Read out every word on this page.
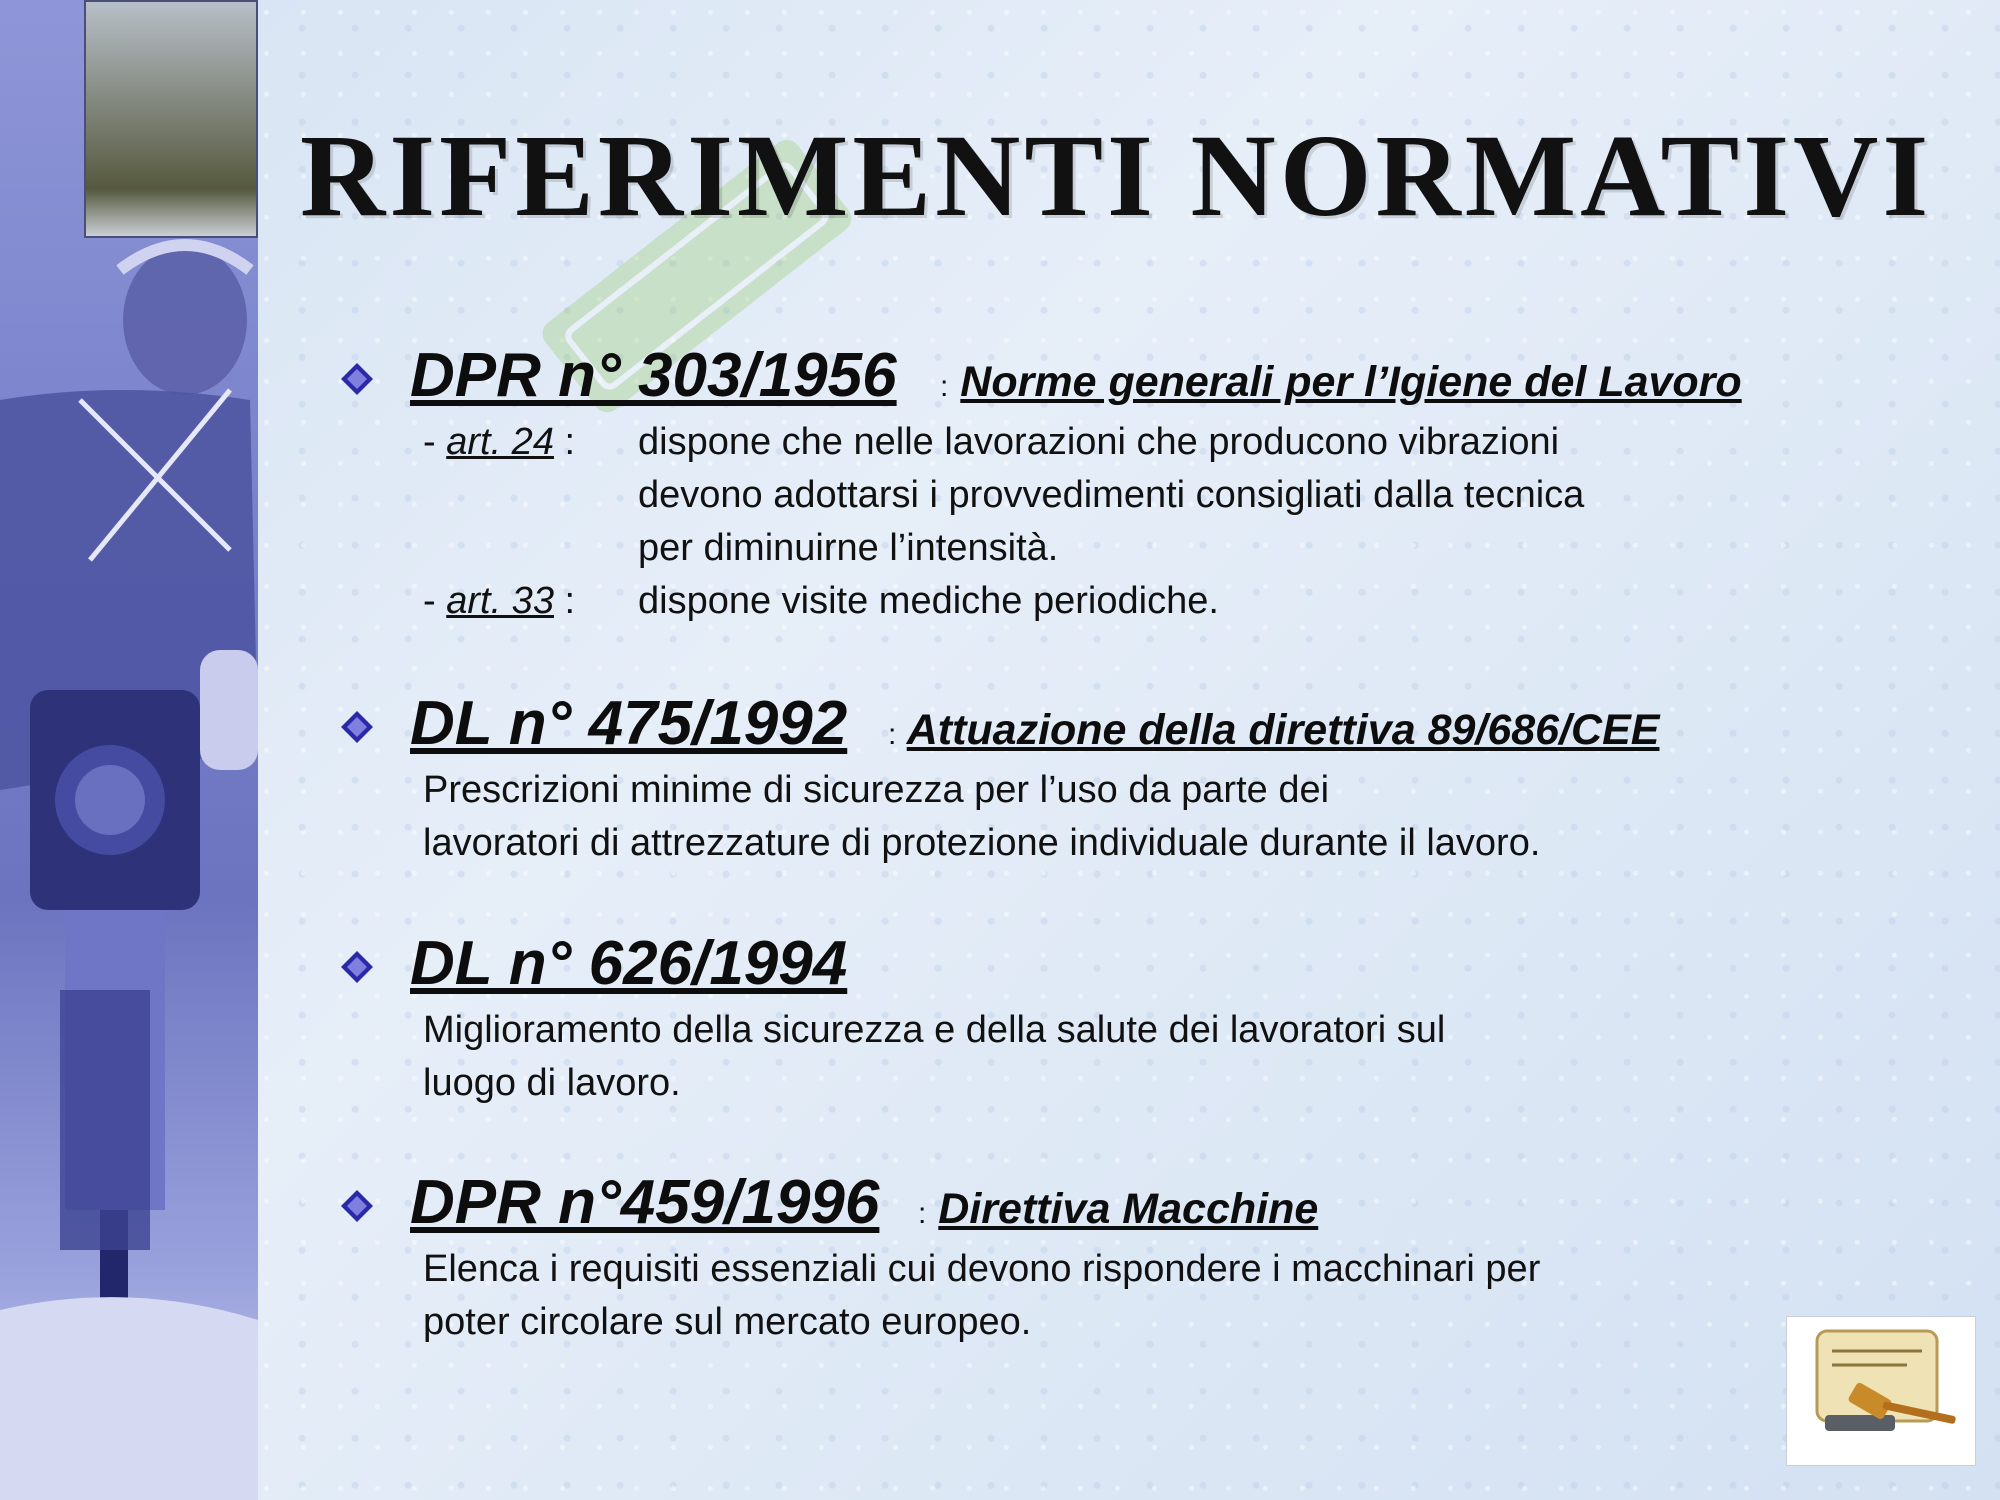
RIFERIMENTI NORMATIVI
DPR n° 303/1956 : Norme generali per l’Igiene del Lavoro
- art. 24 : dispone che nelle lavorazioni che producono vibrazioni
devono adottarsi i provvedimenti consigliati dalla tecnica
per diminuirne l’intensità.
- art. 33 : dispone visite mediche periodiche.
DL n° 475/1992 : Attuazione della direttiva 89/686/CEE

Prescrizioni minime di sicurezza per l’uso da parte dei

lavoratori di attrezzature di protezione individuale durante il lavoro.

DL n° 626/1994

Miglioramento della sicurezza e della salute dei lavoratori sul

luogo di lavoro.

DPR n°459/1996 : Direttiva Macchine

Elenca i requisiti essenziali cui devono rispondere i macchinari per

poter circolare sul mercato europeo.
